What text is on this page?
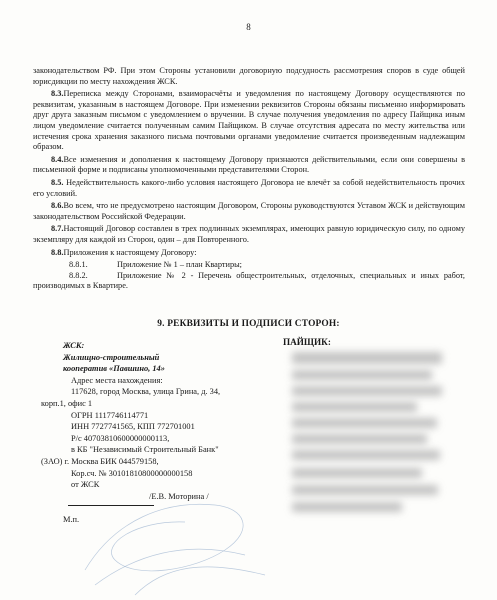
8

законодательством РФ. При этом Стороны установили договорную подсудность рассмотрения споров в суде общей юрисдикции по месту нахождения ЖСК.

8.3.Переписка между Сторонами, взаиморасчёты и уведомления по настоящему Договору осуществляются по реквизитам, указанным в настоящем Договоре. При изменении реквизитов Стороны обязаны письменно информировать друг друга заказным письмом с уведомлением о вручении. В случае получения уведомления по адресу Пайщика иным лицом уведомление считается полученным самим Пайщиком. В случае отсутствия адресата по месту жительства или истечения срока хранения заказного письма почтовыми органами уведомление считается произведенным надлежащим образом.

8.4.Все изменения и дополнения к настоящему Договору признаются действительными, если они совершены в письменной форме и подписаны уполномоченными представителями Сторон.

8.5. Недействительность какого-либо условия настоящего Договора не влечёт за собой недействительность прочих его условий.

8.6.Во всем, что не предусмотрено настоящим Договором, Стороны руководствуются Уставом ЖСК и действующим законодательством Российской Федерации.

8.7.Настоящий Договор составлен в трех подлинных экземплярах, имеющих равную юридическую силу, по одному экземпляру для каждой из Сторон, один – для Повторенного.

8.8.Приложения к настоящему Договору:

8.8.1.	Приложение № 1 – план Квартиры;

8.8.2.	Приложение № 2 - Перечень общестроительных, отделочных, специальных и иных работ, производимых в Квартире.

9. РЕКВИЗИТЫ И ПОДПИСИ СТОРОН:
ЖСК:
Жилищно-строительный
кооператив «Павшино, 14»
Адрес места нахождения:
117628, город Москва, улица Грина, д. 34,
корп.1, офис 1
ОГРН 1117746114771
ИНН 7727741565, КПП 772701001
Р/с 40703810600000000113,
в КБ "Независимый Строительный Банк"
(ЗАО) г. Москва БИК 044579158,
Кор.сч. № 30101810800000000158
от ЖСК
/Е.В. Моторина /
М.п.
ПАЙЩИК:
